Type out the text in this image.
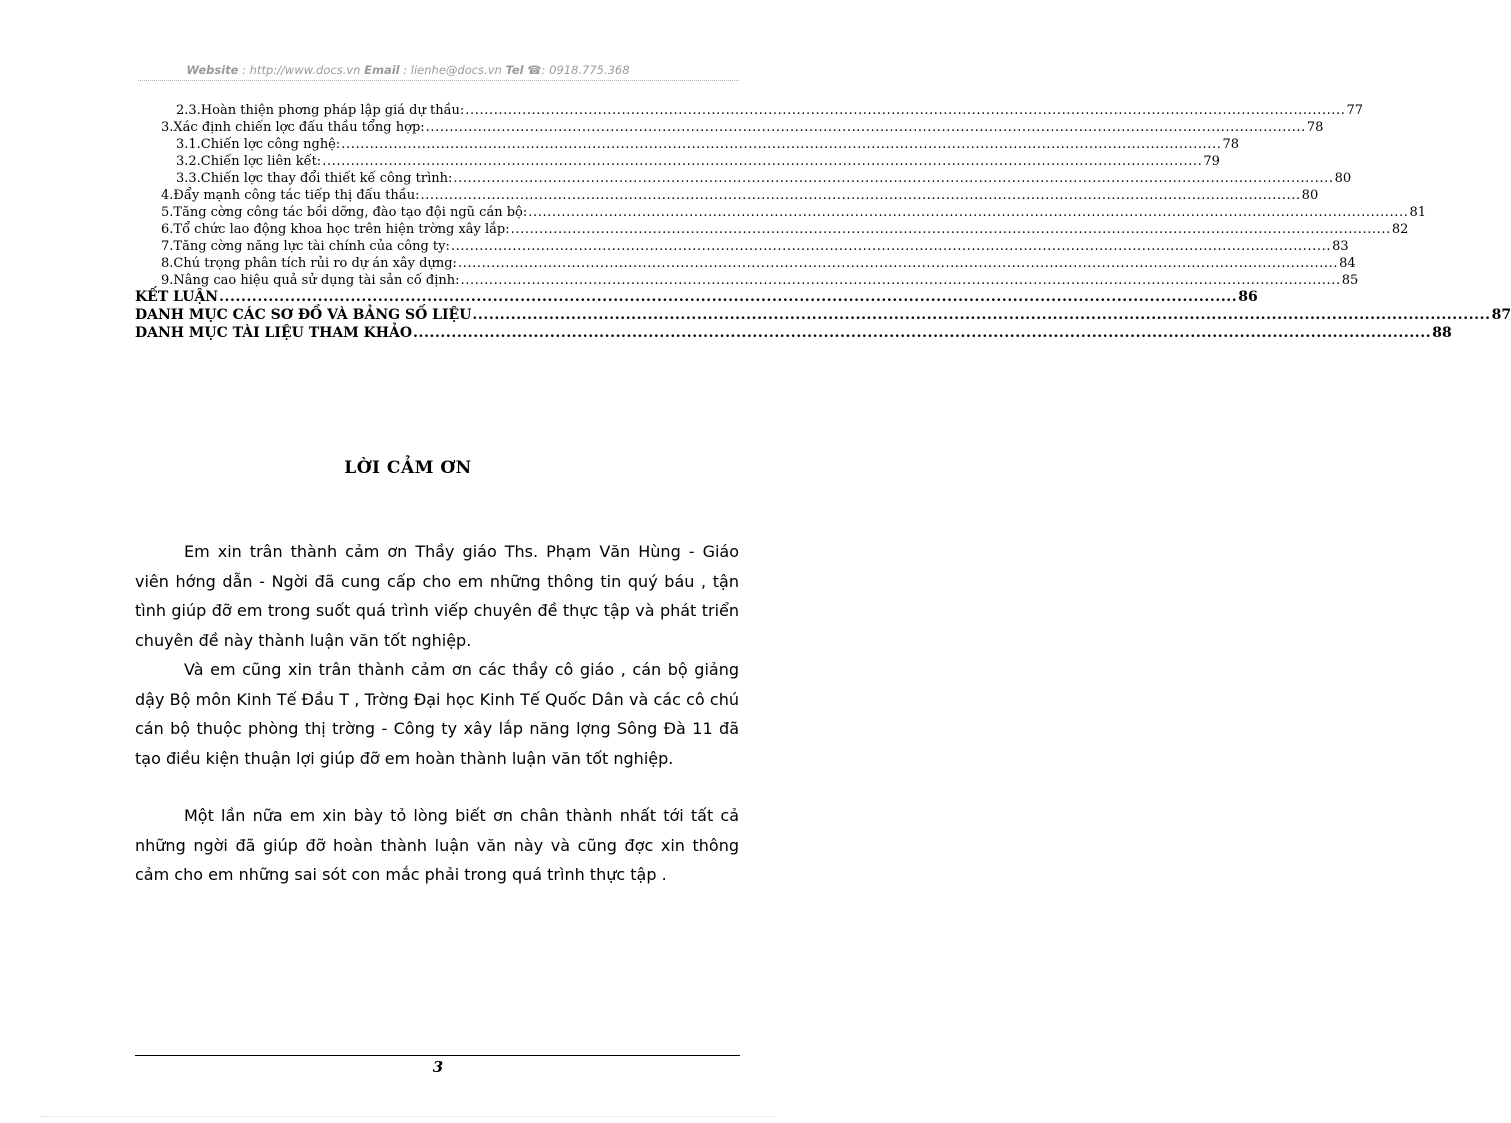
Website : http://www.docs.vn Email : lienhe@docs.vn Tel ☎: 0918.775.368
2.3.Hoàn thiện phơng pháp lập giá dự thầu: .......................................................................................................................................................................................... 77
3.Xác định chiến lợc đấu thầu tổng hợp: .......................................................................................................................................................................................... 78
3.1.Chiến lợc công nghệ: .......................................................................................................................................................................................... 78
3.2.Chiến lợc liên kết: .......................................................................................................................................................................................... 79
3.3.Chiến lợc thay đổi thiết kế công trình: .......................................................................................................................................................................................... 80
4.Đẩy mạnh công tác tiếp thị đấu thầu: .......................................................................................................................................................................................... 80
5.Tăng cờng công tác bồi dỡng, đào tạo đội ngũ cán bộ: .......................................................................................................................................................................................... 81
6.Tổ chức lao động khoa học trên hiện trờng xây lắp: .......................................................................................................................................................................................... 82
7.Tăng cờng năng lực tài chính của công ty: .......................................................................................................................................................................................... 83
8.Chú trọng phân tích rủi ro dự án xây dựng: .......................................................................................................................................................................................... 84
9.Nâng cao hiệu quả sử dụng tài sản cố định: .......................................................................................................................................................................................... 85
KẾT LUẬN .......................................................................................................................................................................................... 86
DANH MỤC CÁC SƠ ĐỒ VÀ BẢNG SỐ LIỆU .......................................................................................................................................................................................... 87
DANH MỤC TÀI LIỆU THAM KHẢO .......................................................................................................................................................................................... 88
LỜI CẢM ƠN

Em xin trân thành cảm ơn Thầy giáo Ths. Phạm Văn Hùng - Giáo viên hớng dẫn - Ngời đã cung cấp cho em những thông tin quý báu , tận tình giúp đỡ em trong suốt quá trình viếp chuyên đề thực tập và phát triển chuyên đề này thành luận văn tốt nghiệp.

Và em cũng xin trân thành cảm ơn các thầy cô giáo , cán bộ giảng dậy Bộ môn Kinh Tế Đầu T , Trờng Đại học Kinh Tế Quốc Dân và các cô chú cán bộ thuộc phòng thị trờng - Công ty xây lắp năng lợng Sông Đà 11 đã tạo điều kiện thuận lợi giúp đỡ em hoàn thành luận văn tốt nghiệp.

Một lần nữa em xin bày tỏ lòng biết ơn chân thành nhất tới tất cả những ngời đã giúp đỡ hoàn thành luận văn này và cũng đợc xin thông cảm cho em những sai sót con mắc phải trong quá trình thực tập .

3
